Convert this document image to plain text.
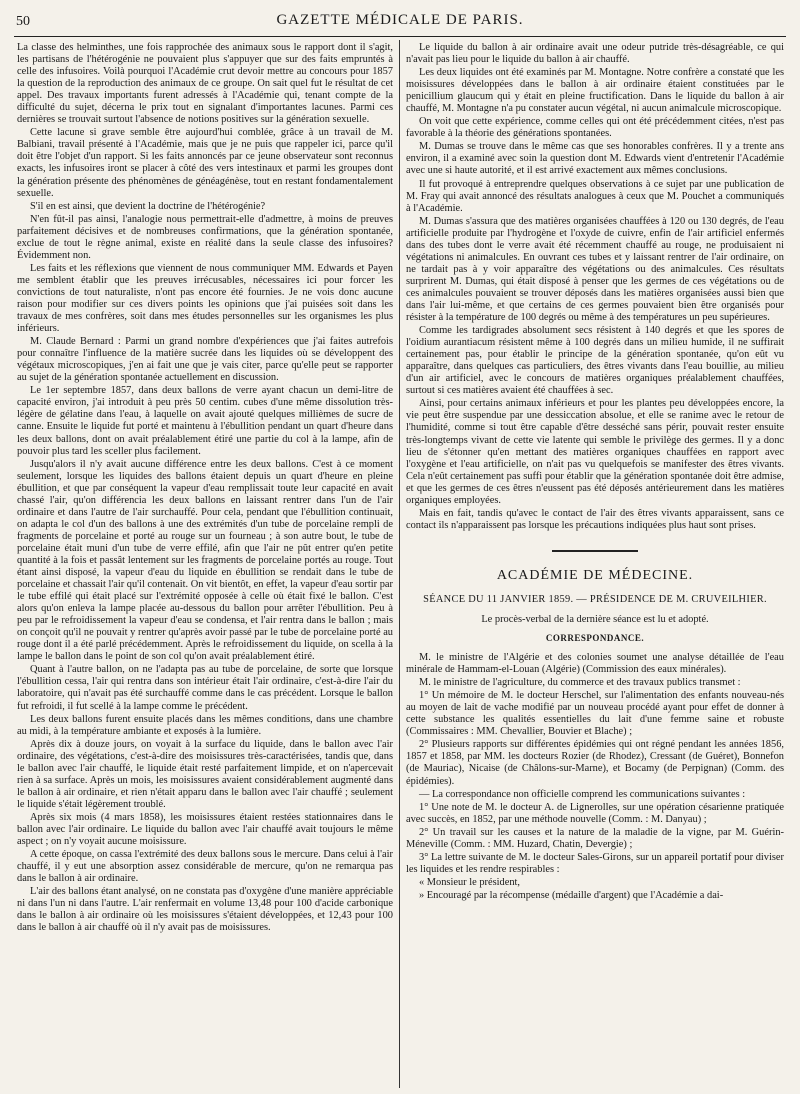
50	GAZETTE MÉDICALE DE PARIS.

La classe des helminthes, une fois rapprochée des animaux sous le rapport dont il s'agit, les partisans de l'hétérogénie ne pouvaient plus s'appuyer que sur des faits empruntés à celle des infusoires. Voilà pourquoi l'Académie crut devoir mettre au concours pour 1857 la question de la reproduction des animaux de ce groupe. On sait quel fut le résultat de cet appel. Des travaux importants furent adressés à l'Académie qui, tenant compte de la difficulté du sujet, décerna le prix tout en signalant d'importantes lacunes. Parmi ces dernières se trouvait surtout l'absence de notions positives sur la génération sexuelle.

Cette lacune si grave semble être aujourd'hui comblée, grâce à un travail de M. Balbiani, travail présenté à l'Académie, mais que je ne puis que rappeler ici, parce qu'il doit être l'objet d'un rapport. Si les faits annoncés par ce jeune observateur sont reconnus exacts, les infusoires iront se placer à côté des vers intestinaux et parmi les groupes dont la génération présente des phénomènes de généagénèse, tout en restant fondamentalement sexuelle.

S'il en est ainsi, que devient la doctrine de l'hétérogénie?

N'en fût-il pas ainsi, l'analogie nous permettrait-elle d'admettre, à moins de preuves parfaitement décisives et de nombreuses confirmations, que la génération spontanée, exclue de tout le règne animal, existe en réalité dans la seule classe des infusoires? Évidemment non.

Les faits et les réflexions que viennent de nous communiquer MM. Edwards et Payen me semblent établir que les preuves irrécusables, nécessaires ici pour forcer les convictions de tout naturaliste, n'ont pas encore été fournies. Je ne vois donc aucune raison pour modifier sur ces divers points les opinions que j'ai puisées soit dans les travaux de mes confrères, soit dans mes études personnelles sur les organismes les plus inférieurs.

M. Claude Bernard : Parmi un grand nombre d'expériences que j'ai faites autrefois pour connaître l'influence de la matière sucrée dans les liquides où se développent des végétaux microscopiques, j'en ai fait une que je vais citer, parce qu'elle peut se rapporter au sujet de la génération spontanée actuellement en discussion.

Le 1er septembre 1857, dans deux ballons de verre ayant chacun un demi-litre de capacité environ, j'ai introduit à peu près 50 centim. cubes d'une même dissolution très-légère de gélatine dans l'eau, à laquelle on avait ajouté quelques millièmes de sucre de canne. Ensuite le liquide fut porté et maintenu à l'ébullition pendant un quart d'heure dans les deux ballons, dont on avait préalablement étiré une partie du col à la lampe, afin de pouvoir plus tard les sceller plus facilement.

Jusqu'alors il n'y avait aucune différence entre les deux ballons. C'est à ce moment seulement, lorsque les liquides des ballons étaient depuis un quart d'heure en pleine ébullition, et que par conséquent la vapeur d'eau remplissait toute leur capacité en avait chassé l'air, qu'on différencia les deux ballons en laissant rentrer dans l'un de l'air ordinaire et dans l'autre de l'air surchauffé. Pour cela, pendant que l'ébullition continuait, on adapta le col d'un des ballons à une des extrémités d'un tube de porcelaine rempli de fragments de porcelaine et porté au rouge sur un fourneau ; à son autre bout, le tube de porcelaine était muni d'un tube de verre effilé, afin que l'air ne pût entrer qu'en petite quantité à la fois et passât lentement sur les fragments de porcelaine portés au rouge. Tout étant ainsi disposé, la vapeur d'eau du liquide en ébullition se rendait dans le tube de porcelaine et chassait l'air qu'il contenait. On vit bientôt, en effet, la vapeur d'eau sortir par le tube effilé qui était placé sur l'extrémité opposée à celle où était fixé le ballon. C'est alors qu'on enleva la lampe placée au-dessous du ballon pour arrêter l'ébullition. Peu à peu par le refroidissement la vapeur d'eau se condensa, et l'air rentra dans le ballon ; mais on conçoit qu'il ne pouvait y rentrer qu'après avoir passé par le tube de porcelaine porté au rouge dont il a été parlé précédemment. Après le refroidissement du liquide, on scella à la lampe le ballon dans le point de son col qu'on avait préalablement étiré.

Quant à l'autre ballon, on ne l'adapta pas au tube de porcelaine, de sorte que lorsque l'ébullition cessa, l'air qui rentra dans son intérieur était l'air ordinaire, c'est-à-dire l'air du laboratoire, qui n'avait pas été surchauffé comme dans le cas précédent. Lorsque le ballon fut refroidi, il fut scellé à la lampe comme le précédent.

Les deux ballons furent ensuite placés dans les mêmes conditions, dans une chambre au midi, à la température ambiante et exposés à la lumière.

Après dix à douze jours, on voyait à la surface du liquide, dans le ballon avec l'air ordinaire, des végétations, c'est-à-dire des moisissures très-caractérisées, tandis que, dans le ballon avec l'air chauffé, le liquide était resté parfaitement limpide, et on n'apercevait rien à sa surface. Après un mois, les moisissures avaient considérablement augmenté dans le ballon à air ordinaire, et rien n'était apparu dans le ballon avec l'air chauffé ; seulement le liquide s'était légèrement troublé.

Après six mois (4 mars 1858), les moisissures étaient restées stationnaires dans le ballon avec l'air ordinaire. Le liquide du ballon avec l'air chauffé avait toujours le même aspect ; on n'y voyait aucune moisissure.

A cette époque, on cassa l'extrémité des deux ballons sous le mercure. Dans celui à l'air chauffé, il y eut une absorption assez considérable de mercure, qu'on ne remarqua pas dans le ballon à air ordinaire.

L'air des ballons étant analysé, on ne constata pas d'oxygène d'une manière appréciable ni dans l'un ni dans l'autre. L'air renfermait en volume 13,48 pour 100 d'acide carbonique dans le ballon à air ordinaire où les moisissures s'étaient développées, et 12,43 pour 100 dans le ballon à air chauffé où il n'y avait pas de moisissures.

Le liquide du ballon à air ordinaire avait une odeur putride très-désagréable, ce qui n'avait pas lieu pour le liquide du ballon à air chauffé.

Les deux liquides ont été examinés par M. Montagne. Notre confrère a constaté que les moisissures développées dans le ballon à air ordinaire étaient constituées par le penicillium glaucum qui y était en pleine fructification. Dans le liquide du ballon à air chauffé, M. Montagne n'a pu constater aucun végétal, ni aucun animalcule microscopique.

On voit que cette expérience, comme celles qui ont été précédemment citées, n'est pas favorable à la théorie des générations spontanées.

M. Dumas se trouve dans le même cas que ses honorables confrères. Il y a trente ans environ, il a examiné avec soin la question dont M. Edwards vient d'entretenir l'Académie avec une si haute autorité, et il est arrivé exactement aux mêmes conclusions.

Il fut provoqué à entreprendre quelques observations à ce sujet par une publication de M. Fray qui avait annoncé des résultats analogues à ceux que M. Pouchet a communiqués à l'Académie.

M. Dumas s'assura que des matières organisées chauffées à 120 ou 130 degrés, de l'eau artificielle produite par l'hydrogène et l'oxyde de cuivre, enfin de l'air artificiel enfermés dans des tubes dont le verre avait été récemment chauffé au rouge, ne produisaient ni végétations ni animalcules. En ouvrant ces tubes et y laissant rentrer de l'air ordinaire, on ne tardait pas à y voir apparaître des végétations ou des animalcules. Ces résultats surprirent M. Dumas, qui était disposé à penser que les germes de ces végétations ou de ces animalcules pouvaient se trouver déposés dans les matières organisées aussi bien que dans l'air lui-même, et que certains de ces germes pouvaient bien être organisés pour résister à la température de 100 degrés ou même à des températures un peu supérieures.

Comme les tardigrades absolument secs résistent à 140 degrés et que les spores de l'oidium aurantiacum résistent même à 100 degrés dans un milieu humide, il ne suffirait certainement pas, pour établir le principe de la génération spontanée, qu'on eût vu apparaître, dans quelques cas particuliers, des êtres vivants dans l'eau bouillie, au milieu d'un air artificiel, avec le concours de matières organiques préalablement chauffées, surtout si ces matières avaient été chauffées à sec.

Ainsi, pour certains animaux inférieurs et pour les plantes peu développées encore, la vie peut être suspendue par une dessiccation absolue, et elle se ranime avec le retour de l'humidité, comme si tout être capable d'être desséché sans périr, pouvait rester ensuite très-longtemps vivant de cette vie latente qui semble le privilège des germes. Il y a donc lieu de s'étonner qu'en mettant des matières organiques chauffées en rapport avec l'oxygène et l'eau artificielle, on n'ait pas vu quelquefois se manifester des êtres vivants. Cela n'eût certainement pas suffi pour établir que la génération spontanée doit être admise, et que les germes de ces êtres n'eussent pas été déposés antérieurement dans les matières organiques employées.

Mais en fait, tandis qu'avec le contact de l'air des êtres vivants apparaissent, sans ce contact ils n'apparaissent pas lorsque les précautions indiquées plus haut sont prises.

ACADÉMIE DE MÉDECINE.
SÉANCE DU 11 JANVIER 1859. — PRÉSIDENCE DE M. CRUVEILHIER.

Le procès-verbal de la dernière séance est lu et adopté.

CORRESPONDANCE.

M. le ministre de l'Algérie et des colonies soumet une analyse détaillée de l'eau minérale de Hammam-el-Louan (Algérie) (Commission des eaux minérales).

M. le ministre de l'agriculture, du commerce et des travaux publics transmet :

1° Un mémoire de M. le docteur Herschel, sur l'alimentation des enfants nouveau-nés au moyen de lait de vache modifié par un nouveau procédé ayant pour effet de donner à cette substance les qualités essentielles du lait d'une femme saine et robuste (Commissaires : MM. Chevallier, Bouvier et Blache) ;

2° Plusieurs rapports sur différentes épidémies qui ont régné pendant les années 1856, 1857 et 1858, par MM. les docteurs Rozier (de Rhodez), Cressant (de Guéret), Bonnefon (de Mauriac), Nicaise (de Châlons-sur-Marne), et Bocamy (de Perpignan) (Comm. des épidémies).

— La correspondance non officielle comprend les communications suivantes :

1° Une note de M. le docteur A. de Lignerolles, sur une opération césarienne pratiquée avec succès, en 1852, par une méthode nouvelle (Comm. : M. Danyau) ;

2° Un travail sur les causes et la nature de la maladie de la vigne, par M. Guérin-Méneville (Comm. : MM. Huzard, Chatin, Devergie) ;

3° La lettre suivante de M. le docteur Sales-Girons, sur un appareil portatif pour diviser les liquides et les rendre respirables :

« Monsieur le président,

» Encouragé par la récompense (médaille d'argent) que l'Académie a dai-
